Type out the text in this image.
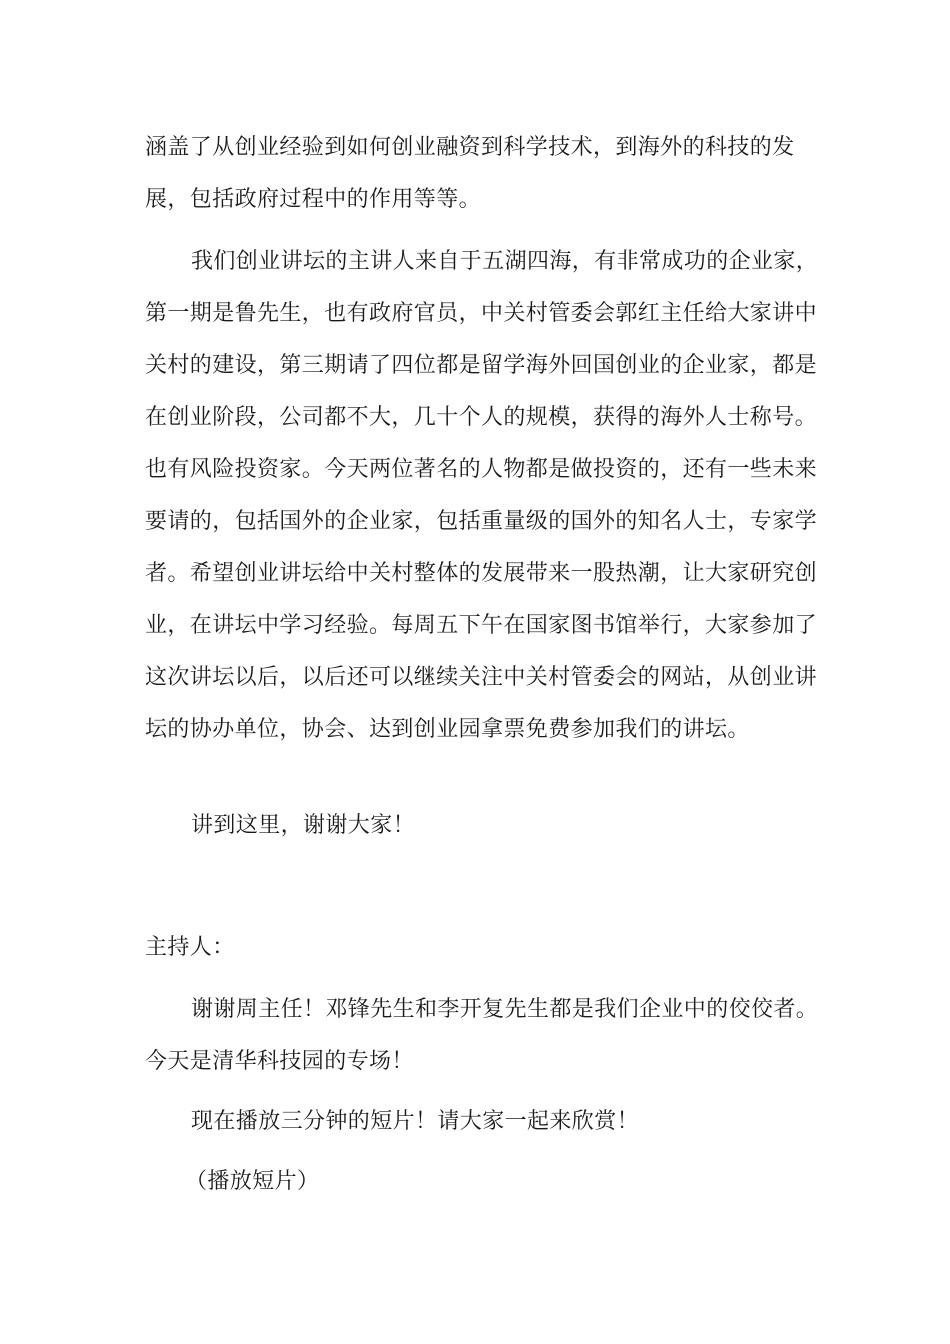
涵盖了从创业经验到如何创业融资到科学技术，到海外的科技的发展，包括政府过程中的作用等等。

我们创业讲坛的主讲人来自于五湖四海，有非常成功的企业家，第一期是鲁先生，也有政府官员，中关村管委会郭红主任给大家讲中关村的建设，第三期请了四位都是留学海外回国创业的企业家，都是在创业阶段，公司都不大，几十个人的规模，获得的海外人士称号。也有风险投资家。今天两位著名的人物都是做投资的，还有一些未来要请的，包括国外的企业家，包括重量级的国外的知名人士，专家学者。希望创业讲坛给中关村整体的发展带来一股热潮，让大家研究创业，在讲坛中学习经验。每周五下午在国家图书馆举行，大家参加了这次讲坛以后，以后还可以继续关注中关村管委会的网站，从创业讲坛的协办单位，协会、达到创业园拿票免费参加我们的讲坛。

讲到这里，谢谢大家！

主持人：

谢谢周主任！邓锋先生和李开复先生都是我们企业中的佼佼者。今天是清华科技园的专场！

现在播放三分钟的短片！请大家一起来欣赏！

（播放短片）
